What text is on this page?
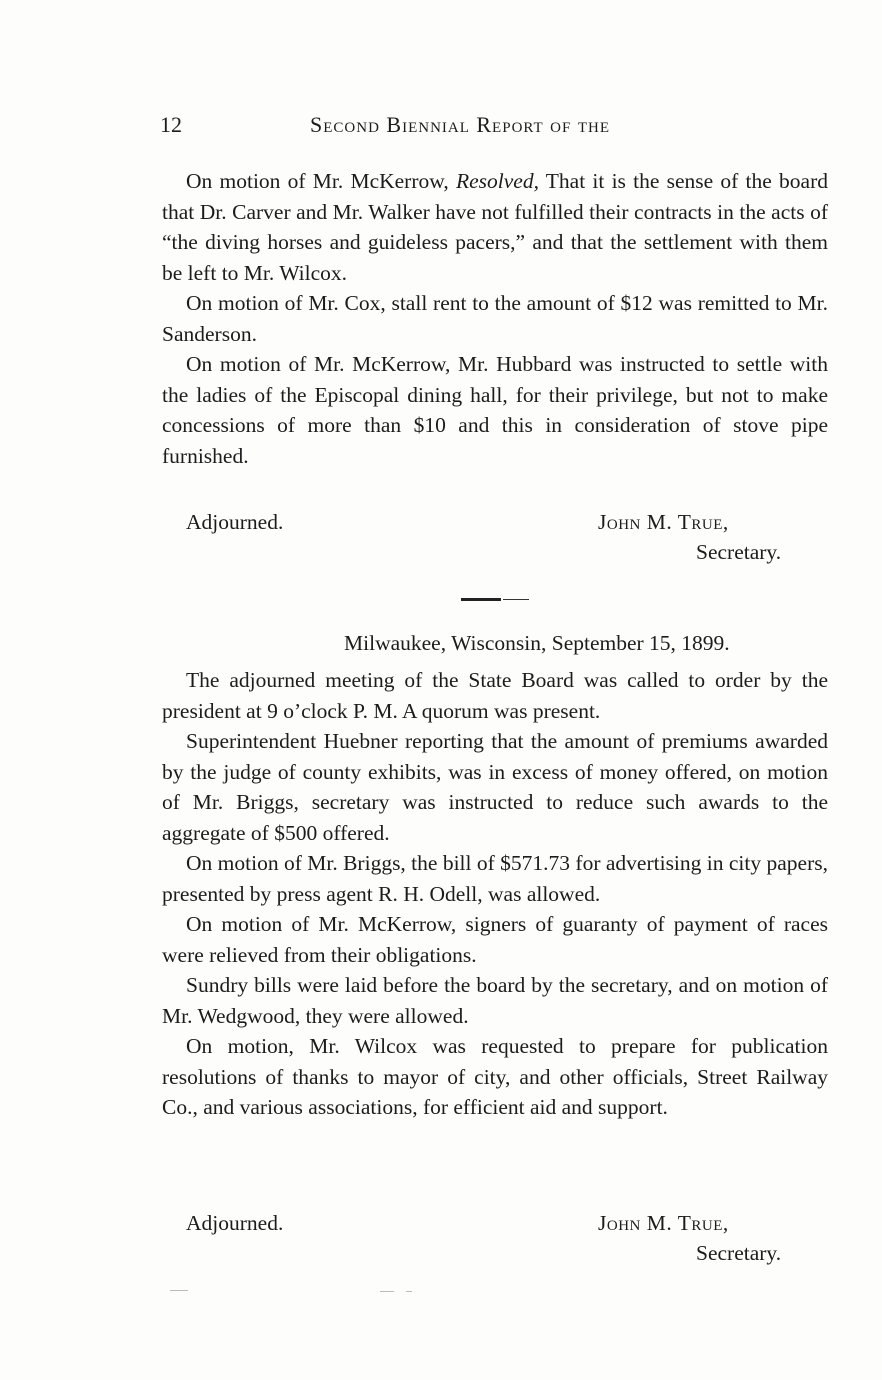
12	Second Biennial Report of the

On motion of Mr. McKerrow, Resolved, That it is the sense of the board that Dr. Carver and Mr. Walker have not fulfilled their contracts in the acts of “the diving horses and guideless pacers,” and that the settlement with them be left to Mr. Wilcox.

On motion of Mr. Cox, stall rent to the amount of $12 was remitted to Mr. Sanderson.

On motion of Mr. McKerrow, Mr. Hubbard was instructed to settle with the ladies of the Episcopal dining hall, for their privilege, but not to make concessions of more than $10 and this in consideration of stove pipe furnished.

Adjourned.	John M. True,
Secretary.
Milwaukee, Wisconsin, September 15, 1899.

The adjourned meeting of the State Board was called to order by the president at 9 o’clock P. M. A quorum was present.

Superintendent Huebner reporting that the amount of premiums awarded by the judge of county exhibits, was in excess of money offered, on motion of Mr. Briggs, secretary was instructed to reduce such awards to the aggregate of $500 offered.

On motion of Mr. Briggs, the bill of $571.73 for advertising in city papers, presented by press agent R. H. Odell, was allowed.

On motion of Mr. McKerrow, signers of guaranty of payment of races were relieved from their obligations.

Sundry bills were laid before the board by the secretary, and on motion of Mr. Wedgwood, they were allowed.

On motion, Mr. Wilcox was requested to prepare for publication resolutions of thanks to mayor of city, and other officials, Street Railway Co., and various associations, for efficient aid and support.

Adjourned.	John M. True,
Secretary.
